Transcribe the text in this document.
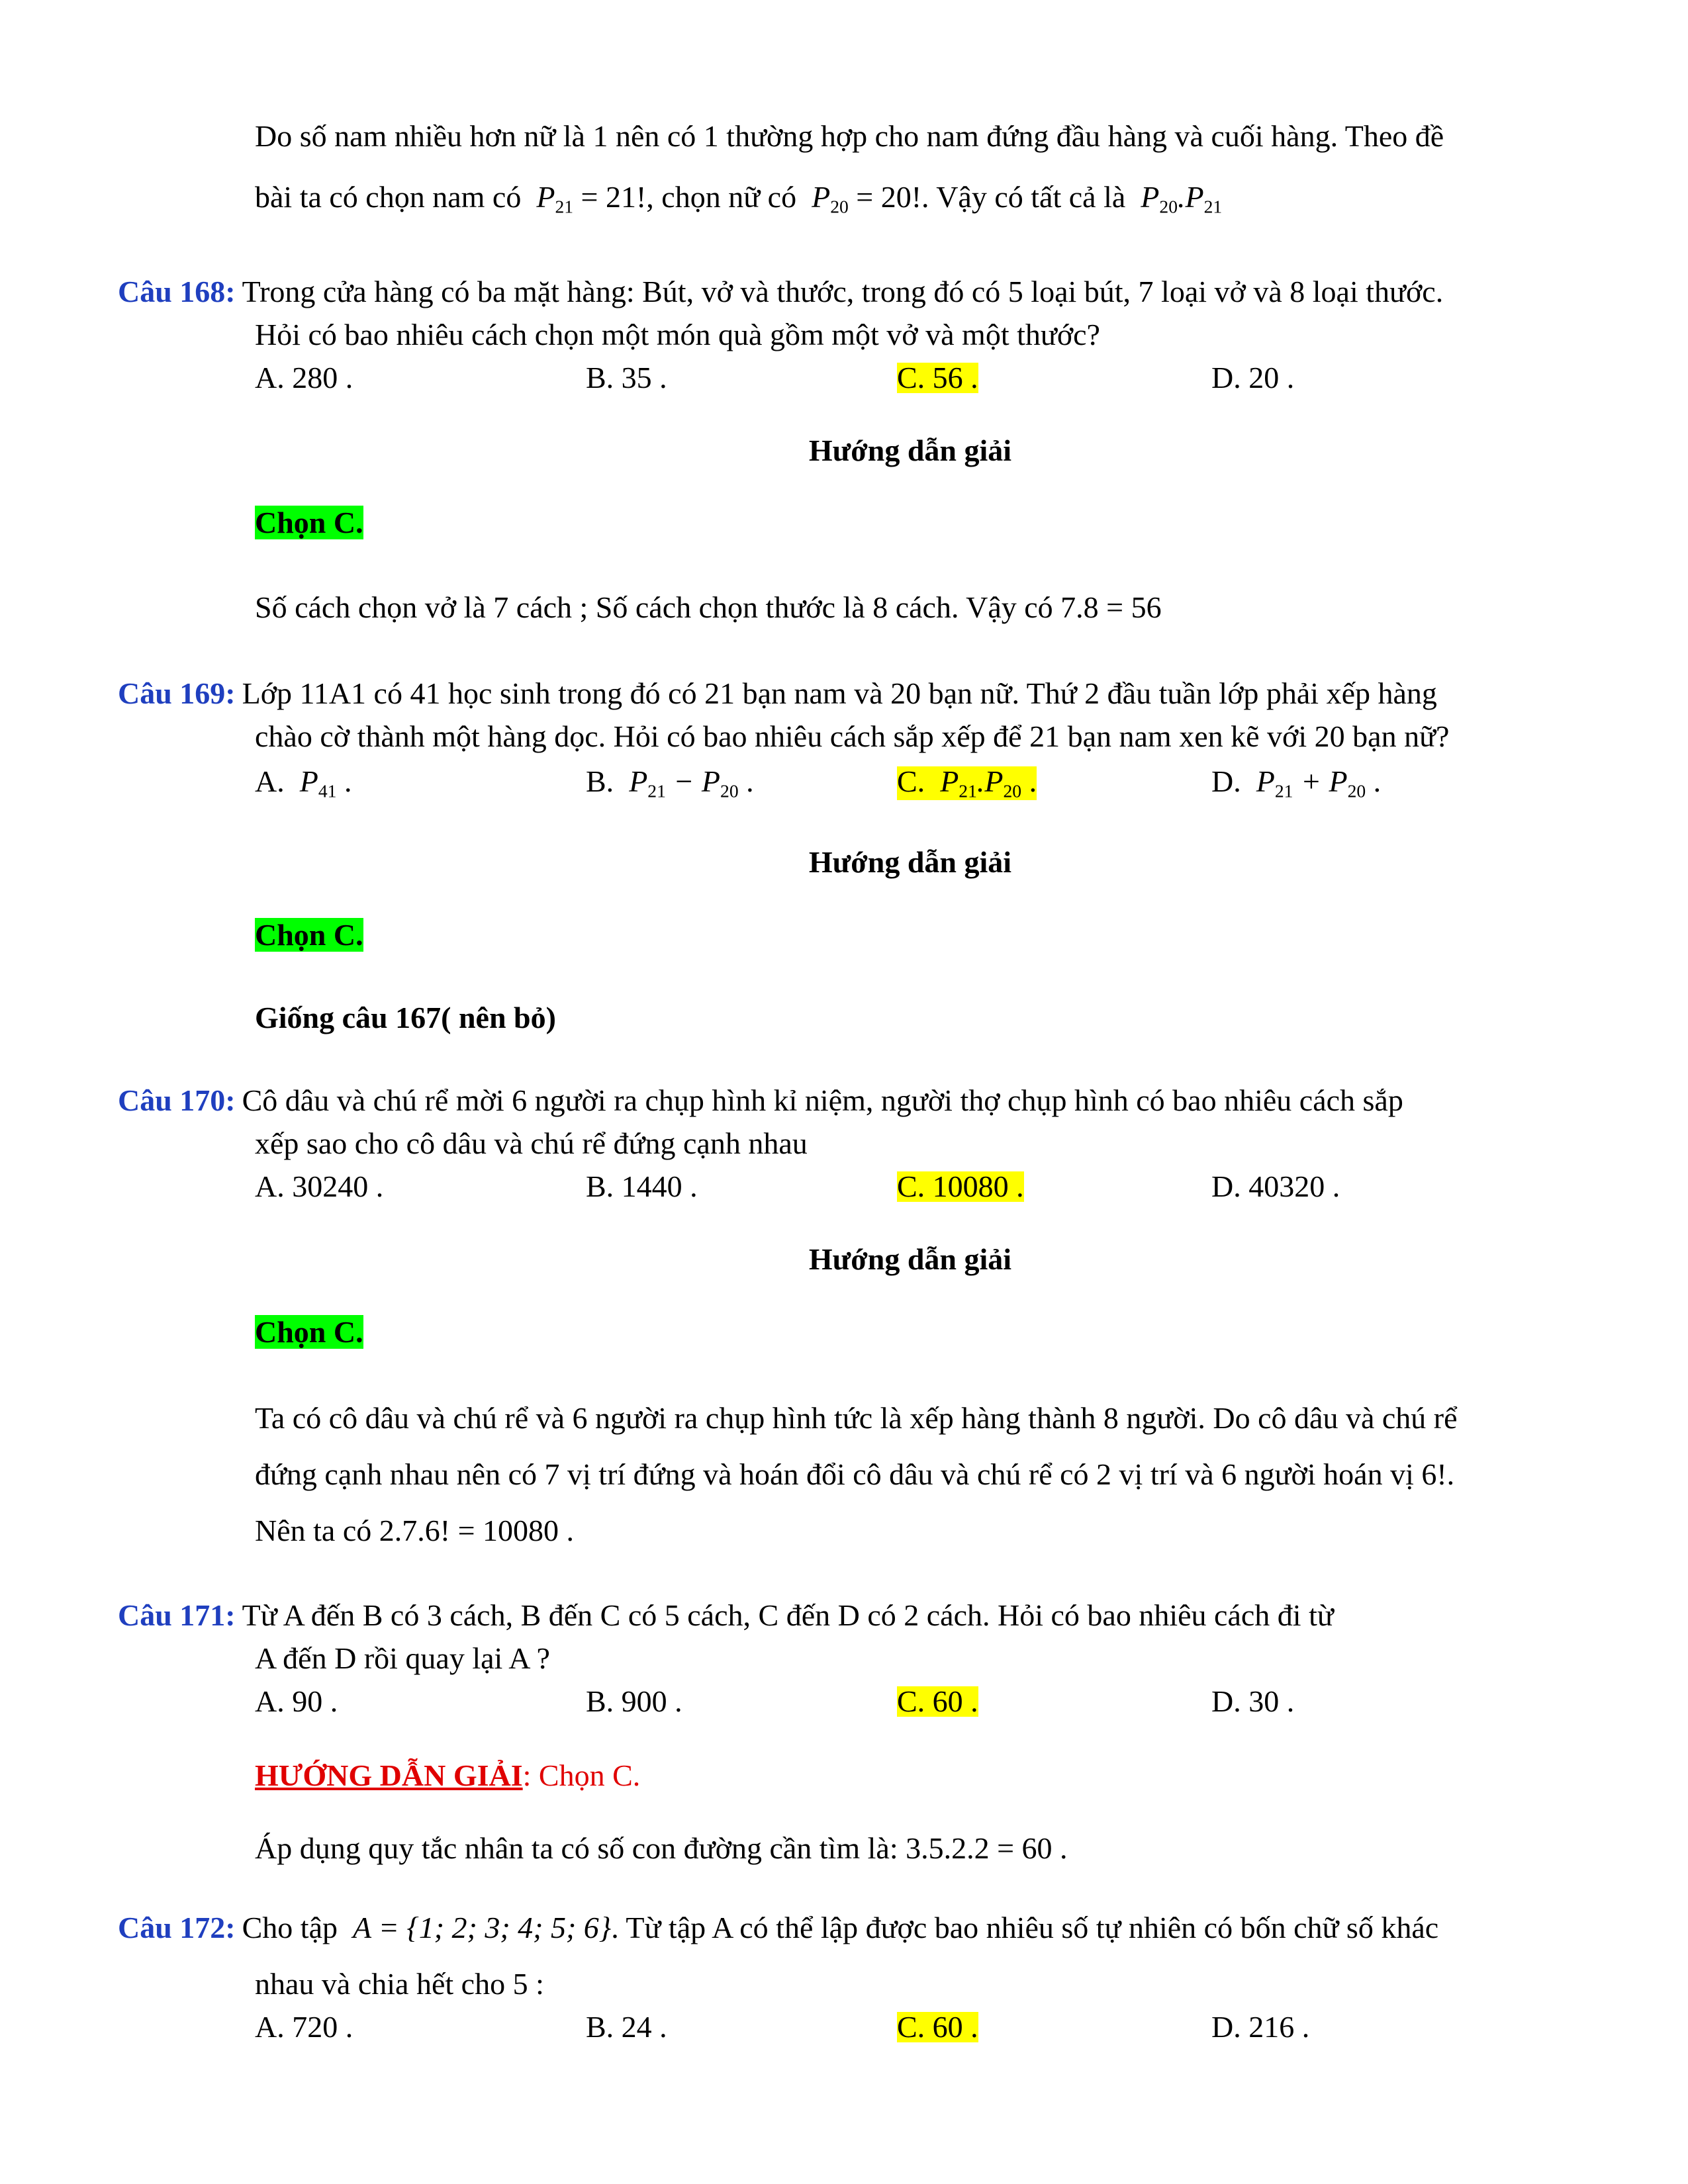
Do số nam nhiều hơn nữ là 1 nên có 1 thường hợp cho nam đứng đầu hàng và cuối hàng. Theo đề
bài ta có chọn nam có  $P_{21} = 21$!, chọn nữ có  $P_{20} = 20$!. Vậy có tất cả là  $P_{20}.P_{21}$
Câu 168: Trong cửa hàng có ba mặt hàng: Bút, vở và thước, trong đó có 5 loại bút, 7 loại vở và 8 loại thước.
Hỏi có bao nhiêu cách chọn một món quà gồm một vở và một thước?
A. 280 .	B. 35 .	C. 56 .	D. 20 .
Hướng dẫn giải
Chọn C.
Số cách chọn vở là 7 cách ; Số cách chọn thước là 8 cách. Vậy có 7.8 = 56
Câu 169: Lớp 11A1 có 41 học sinh trong đó có 21 bạn nam và 20 bạn nữ. Thứ 2 đầu tuần lớp phải xếp hàng
chào cờ thành một hàng dọc. Hỏi có bao nhiêu cách sắp xếp để 21 bạn nam xen kẽ với 20 bạn nữ?
A.  $P_{41}$ .	B.  $P_{21} - P_{20}$ .	C.  $P_{21}.P_{20}$ .	D.  $P_{21} + P_{20}$ .
Hướng dẫn giải
Chọn C.
Giống câu 167( nên bỏ)
Câu 170: Cô dâu và chú rể mời 6 người ra chụp hình kỉ niệm, người thợ chụp hình có bao nhiêu cách sắp
xếp sao cho cô dâu và chú rể đứng cạnh nhau
A. 30240 .	B. 1440 .	C. 10080 .	D. 40320 .
Hướng dẫn giải
Chọn C.
Ta có cô dâu và chú rể và 6 người ra chụp hình tức là xếp hàng thành 8 người. Do cô dâu và chú rể
đứng cạnh nhau nên có 7 vị trí đứng và hoán đổi cô dâu và chú rể có 2 vị trí và 6 người hoán vị 6!.
Nên ta có 2.7.6! = 10080 .
Câu 171: Từ A đến B có 3 cách, B đến C có 5 cách, C đến D có 2 cách. Hỏi có bao nhiêu cách đi từ
A đến D rồi quay lại A ?
A. 90 .	B. 900 .	C. 60 .	D. 30 .
HƯỚNG DẪN GIẢI: Chọn C.
Áp dụng quy tắc nhân ta có số con đường cần tìm là: 3.5.2.2 = 60 .
Câu 172: Cho tập A = {1; 2; 3; 4; 5; 6}. Từ tập A có thể lập được bao nhiêu số tự nhiên có bốn chữ số khác
nhau và chia hết cho 5 :
A. 720 .	B. 24 .	C. 60 .	D. 216 .
